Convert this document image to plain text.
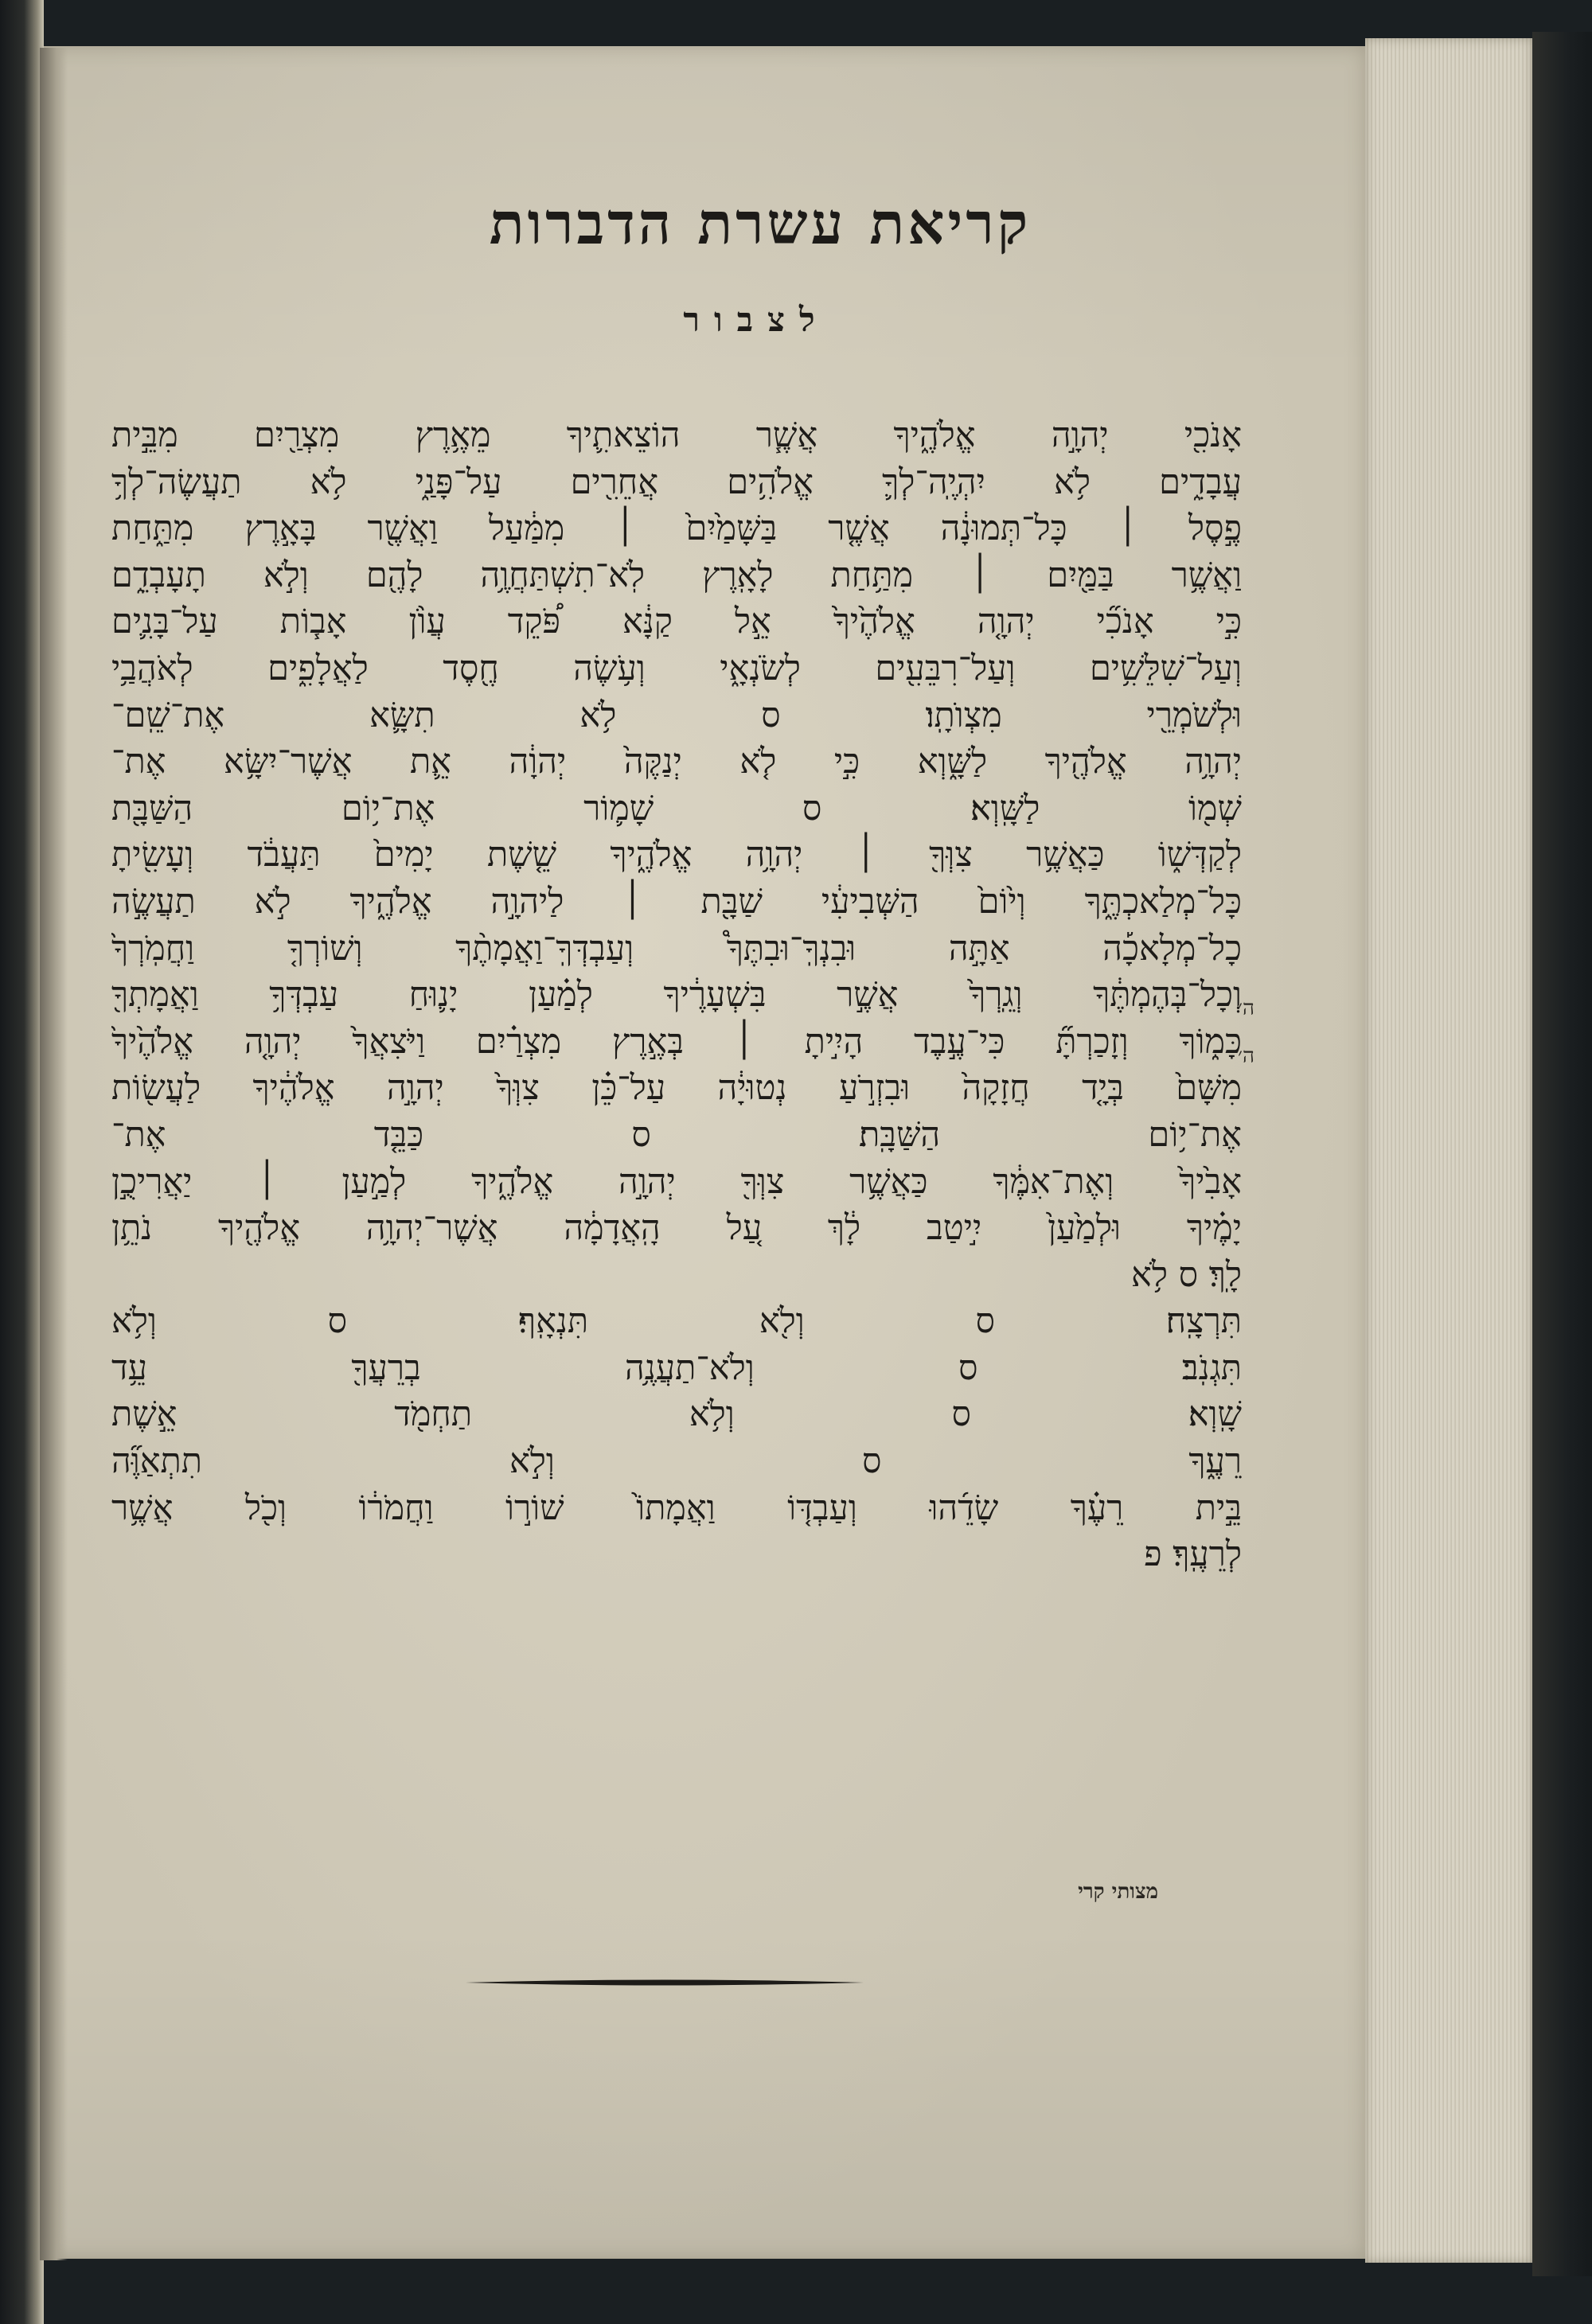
קריאת עשרת הדברות
לצבור
אָנֹכִ֖י יְהוָ֣ה אֱלֹהֶ֑יךָ אֲשֶׁ֧ר הוֹצֵאתִ֛יךָ מֵאֶ֥רֶץ מִצְרַ֖יִם מִבֵּ֣ית
עֲבָדִ֑ים לֹ֥א יִהְיֶֽה־לְךָ֛ אֱלֹהִ֥ים אֲחֵרִ֖ים עַל־פָּנַ֑י לֹ֥א תַעֲשֶׂה־לְךָ֥
פֶ֣סֶל ׀ כָּל־תְּמוּנָ֔ה אֲשֶׁ֤ר בַּשָּׁמַ֙יִם֙ ׀ מִמַּ֔עַל וַאֲשֶׁ֖ר בָּאָ֣רֶץ מִתַּ֑חַת
וַאֲשֶׁ֥ר בַּמַּ֖יִם ׀ מִתַּ֥חַת לָאָֽרֶץ לֹֽא־תִשְׁתַּחֲוֶ֥ה לָהֶ֖ם וְלֹ֣א תָעָבְדֵ֑ם
כִּ֣י אָנֹכִ֞י יְהוָ֤ה אֱלֹהֶ֙יךָ֙ אֵ֣ל קַנָּ֔א פֹּ֠קֵד עֲוֺ֨ן אָב֧וֹת עַל־בָּנִ֛ים
וְעַל־שִׁלֵּשִׁ֥ים וְעַל־רִבֵּעִ֖ים לְשֹׂנְאָ֑י וְעֹ֥שֶׂה חֶ֖סֶד לַאֲלָפִ֑ים לְאֹהֲבַ֥י
וּלְשֹׁמְרֵ֖י מִצְוֺתָֽו׃ ס לֹ֥א תִשָּׂ֛א אֶת־שֵֽׁם־
יְהוָ֥ה אֱלֹהֶ֖יךָ לַשָּׁ֑וְא כִּ֣י לֹ֤א יְנַקֶּה֙ יְהוָ֔ה אֵ֛ת אֲשֶׁר־יִשָּׂ֥א אֶת־
שְׁמ֖וֹ לַשָּֽׁוְא׃ ס שָׁמ֛וֹר אֶת־י֥וֹם הַשַּׁבָּ֖ת
לְקַדְּשׁ֑וֹ כַּאֲשֶׁ֥ר צִוְּךָ֖ ׀ יְהוָ֥ה אֱלֹהֶ֑יךָ שֵׁ֤שֶׁת יָמִים֙ תַּעֲבֹ֔ד וְעָשִׂ֖יתָ
כָּל־מְלַאכְתֶּ֑ךָ וְי֙וֹם֙ הַשְּׁבִיעִ֔י שַׁבָּ֖ת ׀ לַיהוָ֣ה אֱלֹהֶ֑יךָ לֹ֣א תַעֲשֶׂ֣ה
כָל־מְלָאכָ֡ה אַתָּ֣ה וּבִנְךָֽ־וּבִתֶּךָ֩ וְעַבְדְּךָֽ־וַאֲמָתֶ֨ךָ וְשׁוֹרְךָ֤ וַחֲמֹֽרְךָ֙
וְכָל־בְּהֶמְתֶּ֔ךָ וְגֵֽרְךָ֙ אֲשֶׁ֣ר בִּשְׁעָרֶ֔יךָ לְמַ֗עַן יָנ֛וּחַ עַבְדְּךָ֥ וַאֲמָתְךָ֖
כָּמ֑וֹךָ וְזָכַרְתָּ֞ כִּי־עֶ֣בֶד הָיִ֣יתָ ׀ בְּאֶ֣רֶץ מִצְרַ֗יִם וַיֹּצִאֲךָ֙ יְהוָ֤ה אֱלֹהֶ֙יךָ֙
מִשָּׁם֙ בְּיָ֤ד חֲזָקָה֙ וּבִזְרֹ֣עַ נְטוּיָ֔ה עַל־כֵּ֗ן צִוְּךָ֙ יְהוָ֣ה אֱלֹהֶ֔יךָ לַעֲשׂ֖וֹת
אֶת־י֥וֹם הַשַּׁבָּֽת׃ ס כַּבֵּ֤ד אֶת־
אָבִ֙יךָ֙ וְאֶת־אִמֶּ֔ךָ כַּאֲשֶׁ֥ר צִוְּךָ֖ יְהוָ֣ה אֱלֹהֶ֑יךָ לְמַ֣עַן ׀ יַאֲרִיכֻ֣ן
יָמֶ֗יךָ וּלְמַ֙עַן֙ יִ֣יטַב לָ֔ךְ עַ֚ל הָֽאֲדָמָ֔ה אֲשֶׁר־יְהוָ֥ה אֱלֹהֶ֖יךָ נֹתֵ֥ן
לָֽךְ׃ ס לֹ֥א
תִּרְצָֽח׃ ס וְלֹ֖א תִּנְאָֽף׃ ס וְלֹ֥א
תִּגְנֹֽב׃ ס וְלֹא־תַעֲנֶ֥ה בְרֵעֲךָ֖ עֵ֥ד
שָֽׁוְא׃ ס וְלֹ֥א תַחְמֹ֖ד אֵ֣שֶׁת
רֵעֶ֑ךָ ס וְלֹ֣א תִתְאַוֶּ֞ה
בֵּ֣ית רֵעֶ֗ךָ שָׂדֵ֜הוּ וְעַבְדּ֤וֹ וַאֲמָתוֹ֙ שׁוֹר֣וֹ וַחֲמֹר֔וֹ וְכֹ֖ל אֲשֶׁ֥ר
לְרֵעֶֽךָ׃ פ
ה׳
ה׳
מצותי קרי
